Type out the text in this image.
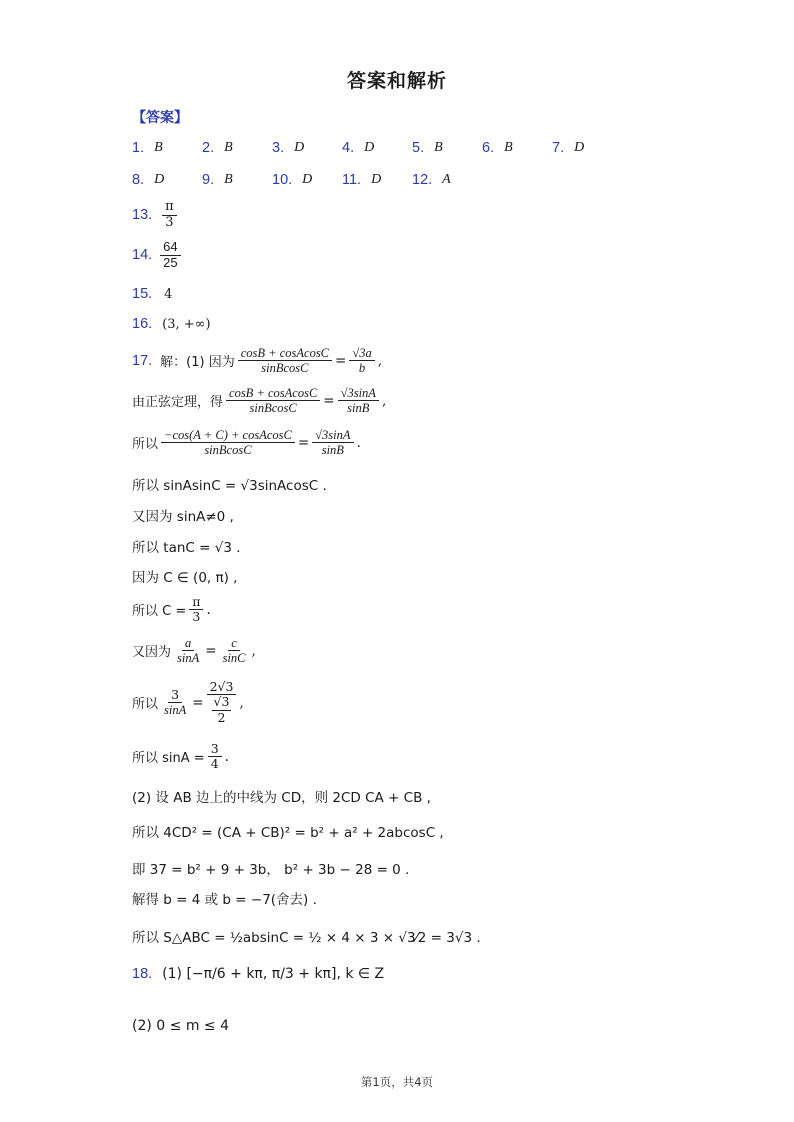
答案和解析
【答案】
1. B	2. B	3. D	4. D	5. B	6. B	7. D
8. D	9. B	10. D 11. D 12. A
13. $\frac{\pi}{3}$
14. $\frac{64}{25}$
15. 4
16. (3, +∞)
17. 解：(1) 因为 $\frac{\text{cosB + cosAcosC}}{\text{sinBcosC}} = \frac{√3a}{b}$ ,
由正弦定理，得 $\frac{\text{cosB + cosAcosC}}{\text{sinBcosC}} = \frac{√3\sin A}{\sin B}$ ,
所以 $\frac{\text{−cos(A + C) + cosAcosC}}{\text{sinBcosC}} = \frac{√3\sin A}{\sin B}$ .
所以 sinAsinC = √3sinAcosC .
又因为 sinA≠0 ,
所以 tanC = √3 .
因为 C ∈ (0, π) ,
所以 $C = \frac{\pi}{3}$ .
又因为 $\frac{a}{\sin A} = \frac{c}{\sin C}$ ,
所以 $\frac{3}{\sin A} = 2√3$
√3
2 ,
所以 $\sin A = \frac{3}{4}$ .
(2) 设 AB 边上的中线为 CD，则 2CD CA + CB ,
所以 4CD² = (CA + CB)² = b² + a² + 2abcosC ,
即 37 = b² + 9 + 3b， b² + 3b − 28 = 0 .
解得 b = 4 或 b = −7(舍去) .
所以 S△ABC = ½absinC = ½ × 4 × 3 × √3⁄2 = 3√3 .
18. (1) [−π/6 + kπ, π/3 + kπ], k ∈ Z
(2) 0 ≤ m ≤ 4
第1页，共4页
